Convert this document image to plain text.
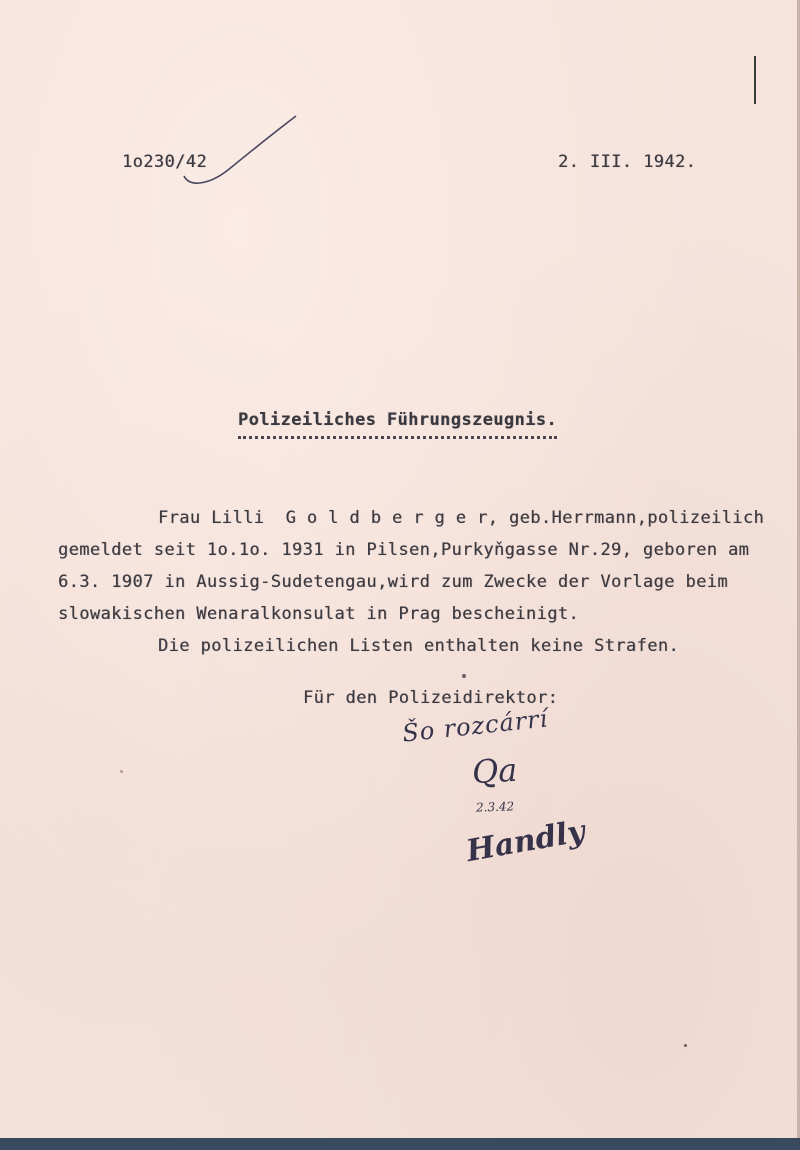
1o230/42	2. III. 1942.
Polizeiliches Führungszeugnis.
Frau Lilli  G o l d b e r g e r, geb.Herrmann,polizeilich
gemeldet seit 1o.1o. 1931 in Pilsen,Purkyňgasse Nr.29, geboren am
6.3. 1907 in Aussig-Sudetengau,wird zum Zwecke der Vorlage beim
slowakischen Wenaralkonsulat in Prag bescheinigt.
Die polizeilichen Listen enthalten keine Strafen.
Für den Polizeidirektor:
Šo rozcárrí
Qa
2.3.42
Handly
